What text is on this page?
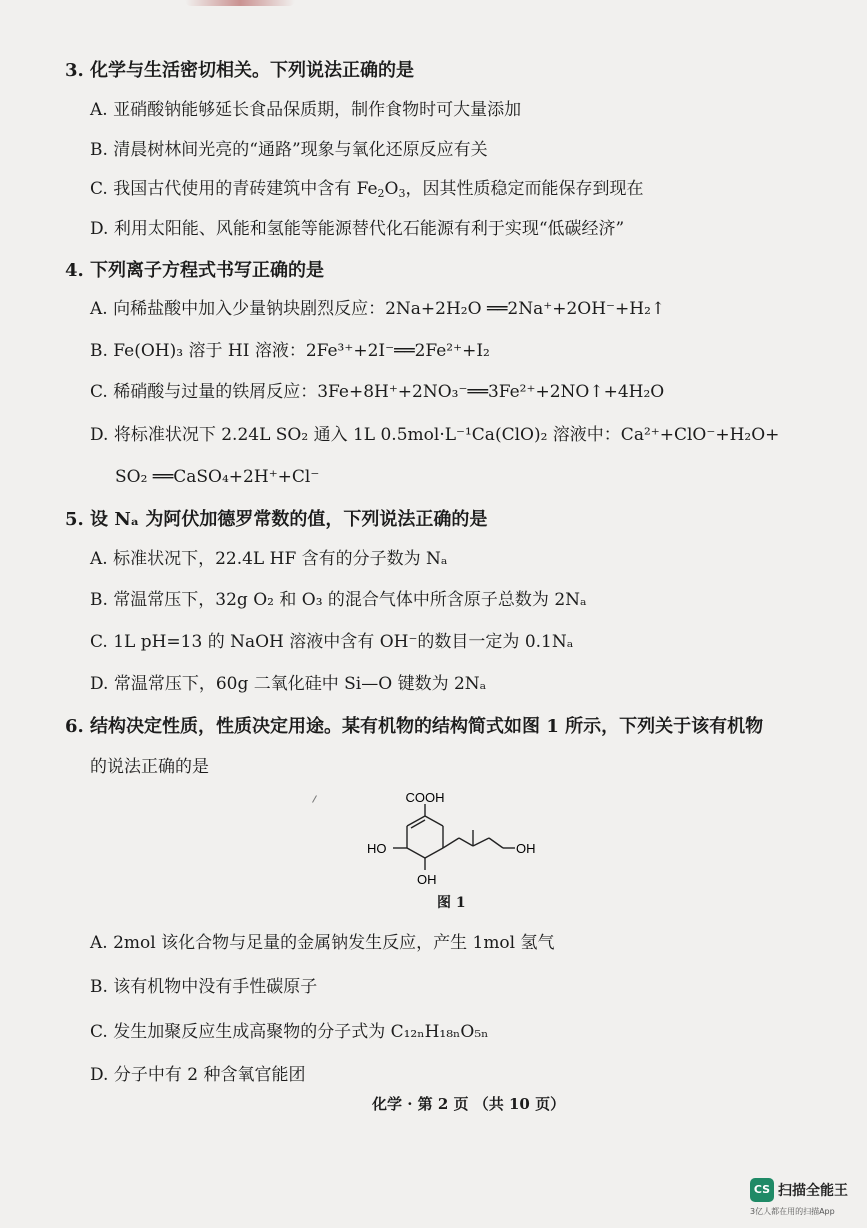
3. 化学与生活密切相关。下列说法正确的是
A. 亚硝酸钠能够延长食品保质期，制作食物时可大量添加
B. 清晨树林间光亮的“通路”现象与氧化还原反应有关
C. 我国古代使用的青砖建筑中含有 $Fe_2O_3$，因其性质稳定而能保存到现在
D. 利用太阳能、风能和氢能等能源替代化石能源有利于实现“低碳经济”
4. 下列离子方程式书写正确的是
A. 向稀盐酸中加入少量钠块剧烈反应：2Na+2H₂O ══2Na⁺+2OH⁻+H₂↑
B. Fe(OH)₃ 溶于 HI 溶液：2Fe³⁺+2I⁻══2Fe²⁺+I₂
C. 稀硝酸与过量的铁屑反应：3Fe+8H⁺+2NO₃⁻══3Fe²⁺+2NO↑+4H₂O
D. 将标准状况下 2.24L SO₂ 通入 1L 0.5mol·L⁻¹Ca(ClO)₂ 溶液中：Ca²⁺+ClO⁻+H₂O+
SO₂ ══CaSO₄+2H⁺+Cl⁻
5. 设 Nₐ 为阿伏加德罗常数的值，下列说法正确的是
A. 标准状况下，22.4L HF 含有的分子数为 Nₐ
B. 常温常压下，32g O₂ 和 O₃ 的混合气体中所含原子总数为 2Nₐ
C. 1L pH=13 的 NaOH 溶液中含有 OH⁻的数目一定为 0.1Nₐ
D. 常温常压下，60g 二氧化硅中 Si—O 键数为 2Nₐ
6. 结构决定性质，性质决定用途。某有机物的结构简式如图 1 所示，下列关于该有机物
的说法正确的是
COOH
HO
OH
OH
图 1
A. 2mol 该化合物与足量的金属钠发生反应，产生 1mol 氢气
B. 该有机物中没有手性碳原子
C. 发生加聚反应生成高聚物的分子式为 C₁₂ₙH₁₈ₙO₅ₙ
D. 分子中有 2 种含氧官能团
化学 · 第 2 页 （共 10 页）
CS 扫描全能王
3亿人都在用的扫描App
